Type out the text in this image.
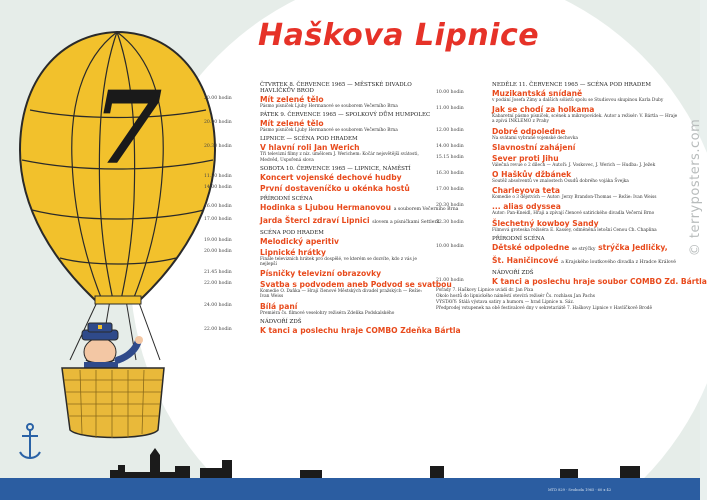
7
Haškova Lipnice
ČTVRTEK 8. ČERVENCE 1965 — MĚSTSKÉ DIVADLO HAVLÍČKŮV BROD
20.00 hodin	Mít zelené tělo
Pásmo písniček Ljuby Hermanové se souborem Večerního Brna
PÁTEK 9. ČERVENCE 1965 — SPOLKOVÝ DŮM HUMPOLEC
20.00 hodin	Mít zelené tělo
Pásmo písniček Ljuby Hermanové se souborem Večerního Brna
LIPNICE — SCÉNA POD HRADEM
20.30 hodin	V hlavní roli Jan Werich
Tři televizní filmy z níz. umělcem J. Werichem: Kočár nejsvětější svátosti, Medvěd, Uspořená slova
SOBOTA 10. ČERVENCE 1965 — LIPNICE, NÁMĚSTÍ
11.30 hodin	Koncert vojenské dechové hudby
14.00 hodin	První dostaveníčko u okénka hostů
PŘÍRODNÍ SCÉNA
16.00 hodin	Hodinka s Ljubou Hermanovou a souborem Večerního Brna
17.00 hodin	Jarda Štercl zdraví Lipnici slovem a písničkami Settlerů
SCÉNA POD HRADEM
19.00 hodin	Melodický aperitiv
20.00 hodin	Lipnické hrátky
Finále televizních hrátek pro dospělé, ve kterém se dozvíte, kdo z vás je nejlepší
21.45 hodin	Písničky televizní obrazovky
22.00 hodin	Svatba s podvodem aneb Podvod se svatbou
Komedie O. Daňka — Hrají členové Městských divadel pražských — Režie: Ivan Weiss
24.00 hodin	Bílá paní
Premiéra čs. filmové veselohry režiséra Zdeňka Podskalského
NÁDVOŘÍ ZDŠ
22.00 hodin	K tanci a poslechu hraje COMBO Zdeňka Bártla
NEDĚLE 11. ČERVENCE 1965 — SCÉNA POD HRADEM
10.00 hodin	Muzikantská snídaně
v podání Josefa Zímy a dalších sólistů spolu se Studiovou skupinou Karla Duby
11.00 hodin	Jak se chodí za holkama
Kabaretní pásmo písniček, scének a mikropovídek. Autor a režisér: V. Bártla — Hraje a zpívá INKLEMO z Prahy
12.00 hodin	Dobré odpoledne
Na svátami vybrané vojenské dechovka
14.00 hodin	Slavnostní zahájení
15.15 hodin	Sever proti Jihu
Válečná revue o 2 dílech — Autoři: J. Voskovec, J. Werich — Hudba: J. Ježek
16.30 hodin	O Haškův džbánek
Soutěž absolventů ve znalostech Osudů dobrého vojáka Švejka
17.00 hodin	Charleyova teta
Komedie o 3 dějstvích — Autor: Jerzy Brandon-Thomas — Režie: Ivan Weiss
20.30 hodin	... alias odyssea
Autor: Pan-Kneidl, Hraji a zpívají členové satirického divadla Večerní Brno
22.30 hodin	Šlechetný kowboy Sandy
Filmová groteska režiséra E. Kassey, odměněná letošní Cenou Ch. Chaplina
PŘÍRODNÍ SCÉNA
10.00 hodin	Dětské odpoledne se strýčky strýčka Jedličky,
Št. Haničincové a Krajského loutkového divadla z Hradce Králové
NÁDVOŘÍ ZDŠ
21.00 hodin	K tanci a poslechu hraje soubor COMBO Zd. Bártla
Pořady 7. Haškovy Lipnice uvádí dr. Jan Pixa
Okolo hostů do lipnického náměstí otevírá režisér Čs. rozhlasu Jan Pachs
VÝSTAVY: Stálá výstava satiry a humoru — hrad Lipnice n. Sáz.
Předprodej vstupenek na obě festivalové dny v sekretariátě 7. Haškovy Lipnice v Havlíčkově Brodě
© terryposters.com
MTD 829 · Svoboda 1965 · 60 x 42
